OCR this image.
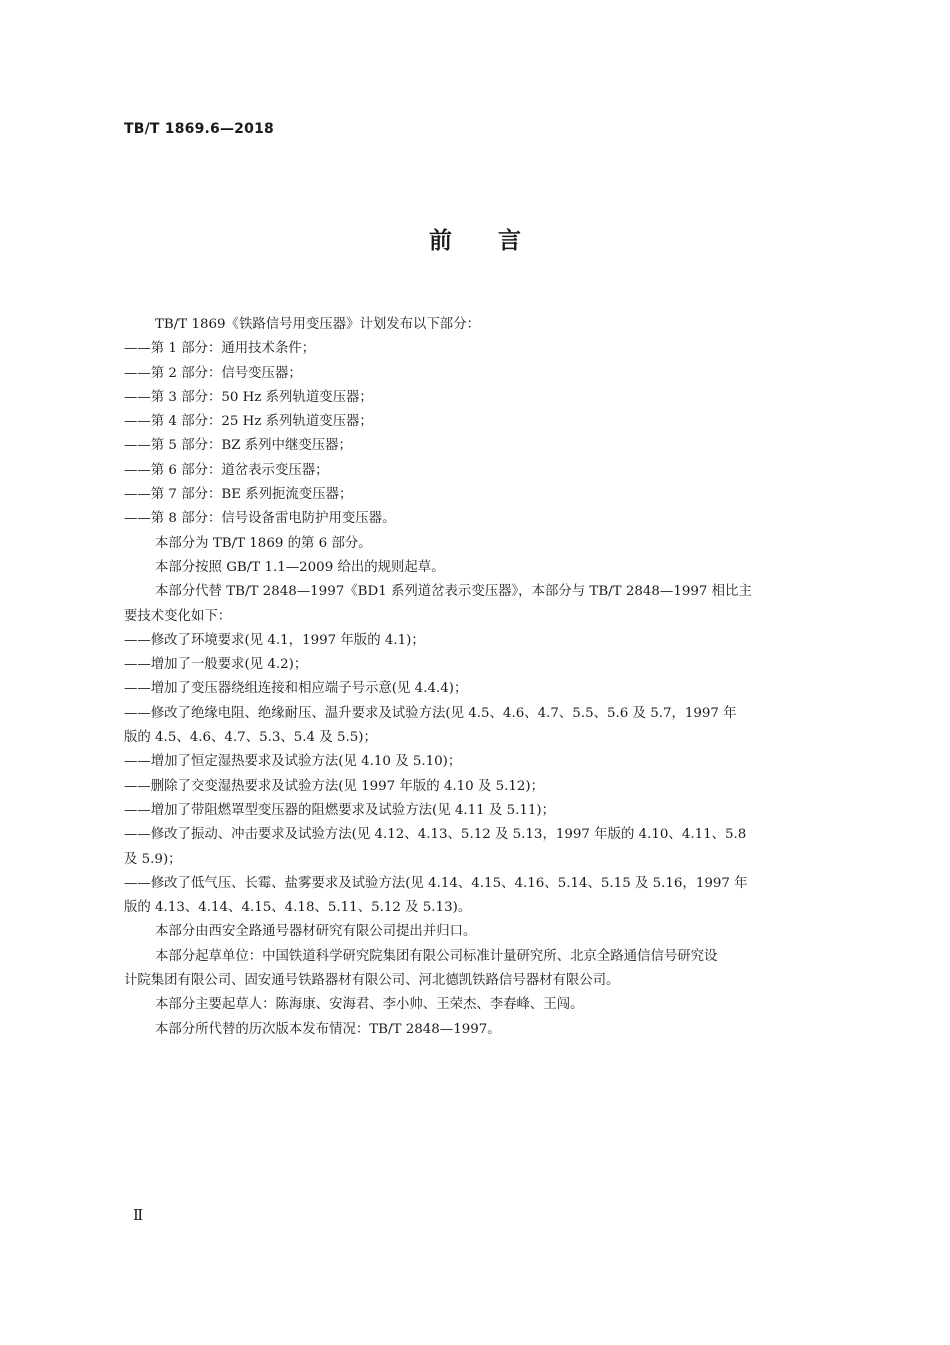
TB/T 1869.6—2018
前言

TB/T 1869《铁路信号用变压器》计划发布以下部分：

——第 1 部分：通用技术条件；

——第 2 部分：信号变压器；

——第 3 部分：50 Hz 系列轨道变压器；

——第 4 部分：25 Hz 系列轨道变压器；

——第 5 部分：BZ 系列中继变压器；

——第 6 部分：道岔表示变压器；

——第 7 部分：BE 系列扼流变压器；

——第 8 部分：信号设备雷电防护用变压器。

本部分为 TB/T 1869 的第 6 部分。

本部分按照 GB/T 1.1—2009 给出的规则起草。

本部分代替 TB/T 2848—1997《BD1 系列道岔表示变压器》，本部分与 TB/T 2848—1997 相比主

要技术变化如下：

——修改了环境要求(见 4.1，1997 年版的 4.1)；

——增加了一般要求(见 4.2)；

——增加了变压器绕组连接和相应端子号示意(见 4.4.4)；

——修改了绝缘电阻、绝缘耐压、温升要求及试验方法(见 4.5、4.6、4.7、5.5、5.6 及 5.7，1997 年

版的 4.5、4.6、4.7、5.3、5.4 及 5.5)；

——增加了恒定湿热要求及试验方法(见 4.10 及 5.10)；

——删除了交变湿热要求及试验方法(见 1997 年版的 4.10 及 5.12)；

——增加了带阻燃罩型变压器的阻燃要求及试验方法(见 4.11 及 5.11)；

——修改了振动、冲击要求及试验方法(见 4.12、4.13、5.12 及 5.13，1997 年版的 4.10、4.11、5.8

及 5.9)；

——修改了低气压、长霉、盐雾要求及试验方法(见 4.14、4.15、4.16、5.14、5.15 及 5.16，1997 年

版的 4.13、4.14、4.15、4.18、5.11、5.12 及 5.13)。

本部分由西安全路通号器材研究有限公司提出并归口。

本部分起草单位：中国铁道科学研究院集团有限公司标准计量研究所、北京全路通信信号研究设

计院集团有限公司、固安通号铁路器材有限公司、河北德凯铁路信号器材有限公司。

本部分主要起草人：陈海康、安海君、李小帅、王荣杰、李春峰、王闯。

本部分所代替的历次版本发布情况：TB/T 2848—1997。

Ⅱ
